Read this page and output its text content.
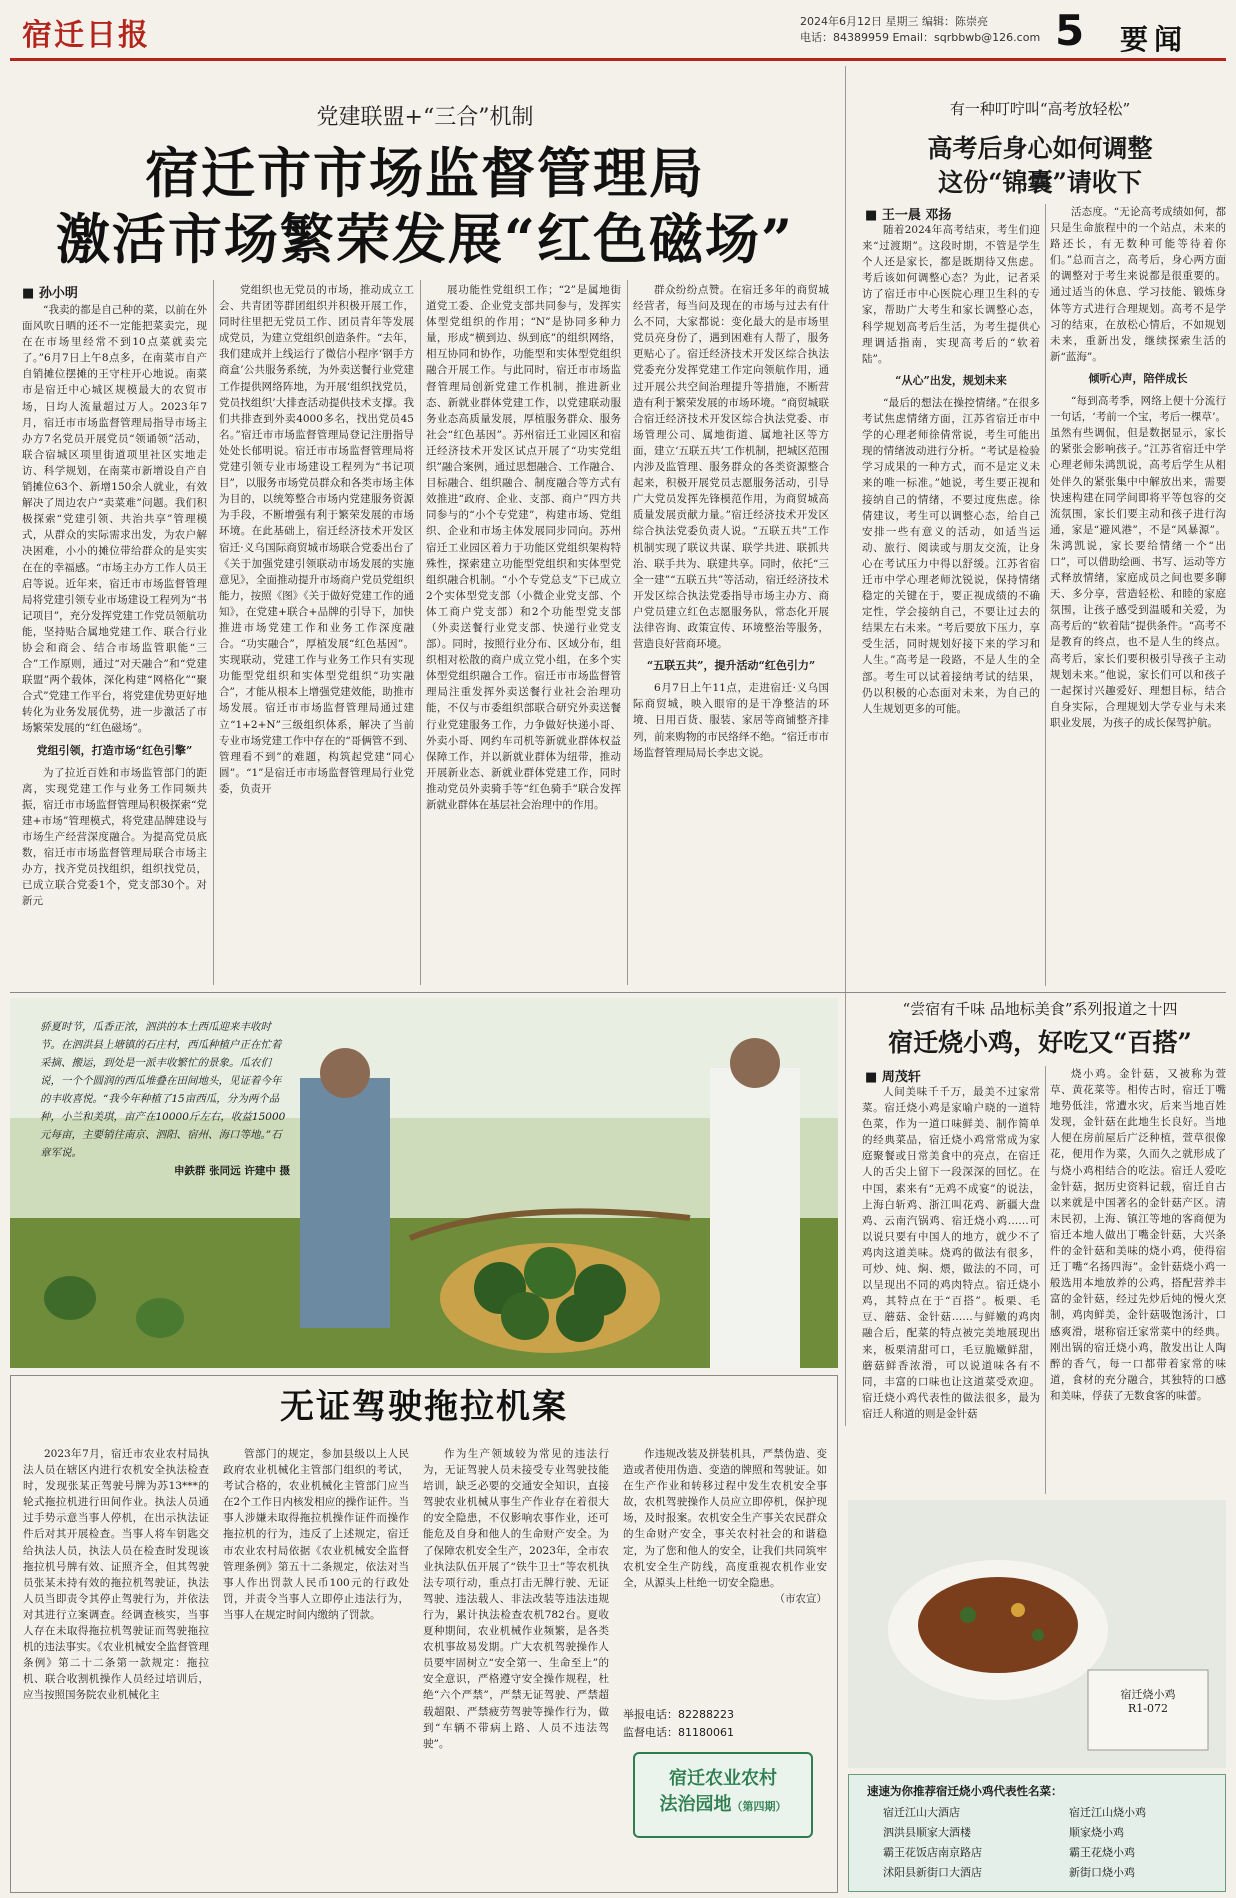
宿迁日报	2024年6月12日 星期三 编辑：陈崇亮
电话：84389959 Email：sqrbbwb@126.com 5 要闻
党建联盟+“三合”机制
宿迁市市场监督管理局
激活市场繁荣发展“红色磁场”
■ 孙小明

“我卖的都是自己种的菜，以前在外面风吹日晒的还不一定能把菜卖完，现在在市场里经常不到10点菜就卖完了。”6月7日上午8点多，在南菜市自产自销摊位摆摊的王守柱开心地说。南菜市是宿迁中心城区规模最大的农贸市场，日均人流量超过万人。2023年7月，宿迁市市场监督管理局指导市场主办方7名党员开展党员“领诵领”活动，联合宿城区项里街道项里社区实地走访、科学规划，在南菜市新增设自产自销摊位63个、新增150余人就业，有效解决了周边农户“卖菜难”问题。我们积极探索“党建引领、共治共享”管理模式，从群众的实际需求出发，为农户解决困难，小小的摊位带给群众的是实实在在的幸福感。“市场主办方工作人员王启等说。近年来，宿迁市市场监督管理局将党建引领专业市场建设工程列为“书记项目”，充分发挥党建工作党员领航功能，坚持贴合属地党建工作、联合行业协会和商会、结合市场监管职能“三合”工作原则，通过“对天融合”和“党建联盟”两个载体，深化构建“网格化”“聚合式”党建工作平台，将党建优势更好地转化为业务发展优势，进一步激活了市场繁荣发展的“红色磁场”。

党组引领，打造市场“红色引擎”

为了拉近百姓和市场监管部门的距离，实现党建工作与业务工作同频共振，宿迁市市场监督管理局积极探索“党建+市场”管理模式，将党建品牌建设与市场生产经营深度融合。为提高党员底数，宿迁市市场监督管理局联合市场主办方，找齐党员找组织，组织找党员，已成立联合党委1个，党支部30个。对新元

党组织也无党员的市场，推动成立工会、共青团等群团组织并积极开展工作，同时往里把无党员工作、团员青年等发展成党员，为建立党组织创造条件。“去年，我们建成并上线运行了微信小程序‘钢手方商盒’公共服务系统，为外卖送餐行业党建工作提供网络阵地，为开展‘组织找党员，党员找组织’大排查活动提供技术支撑。我们共排查到外卖4000多名，找出党员45名。”宿迁市市场监督管理局登记注册指导处处长郁明说。宿迁市市场监督管理局将党建引领专业市场建设工程列为“书记项目”，以服务市场党员群众和各类市场主体为目的，以统筹整合市场内党建服务资源为手段，不断增强有利于繁荣发展的市场环境。在此基础上，宿迁经济技术开发区宿迁·义乌国际商贸城市场联合党委出台了《关于加强党建引领联动市场发展的实施意见》，全面推动提升市场商户党员党组织能力，按照《图》《关于做好党建工作的通知》，在党建+联合+品牌的引导下，加快推进市场党建工作和业务工作深度融合。“功实融合”，厚植发展“红色基因”。实现联动，党建工作与业务工作只有实现功能型党组织和实体型党组织“功实融合”，才能从根本上增强党建效能，助推市场发展。宿迁市市场监督管理局通过建立“1+2+N”三级组织体系，解决了当前专业市场党建工作中存在的“哥俩管不到、管理看不到”的难题，构筑起党建“同心圆”。“1”是宿迁市市场监督管理局行业党委，负责开

展功能性党组织工作；“2”是属地街道党工委、企业党支部共同参与，发挥实体型党组织的作用；“N”是协同多种力量，形成“横到边、纵到底”的组织网络，相互协同和协作，功能型和实体型党组织融合开展工作。与此同时，宿迁市市场监督管理局创新党建工作机制，推进新业态、新就业群体党建工作，以党建联动服务业态高质量发展，厚植服务群众、服务社会“红色基因”。苏州宿迁工业园区和宿迁经济技术开发区试点开展了“功实党组织”融合案例，通过思想融合、工作融合、目标融合、组织融合、制度融合等方式有效推进“政府、企业、支部、商户”四方共同参与的“小个专党建”，构建市场、党组织、企业和市场主体发展同步同向。苏州宿迁工业园区着力于功能区党组织架构特殊性，探索建立功能型党组织和实体型党组织融合机制。“小个专党总支”下已成立2个实体型党支部（小微企业党支部、个体工商户党支部）和2个功能型党支部（外卖送餐行业党支部、快递行业党支部）。同时，按照行业分布、区域分布，组织相对松散的商户成立党小组，在多个实体型党组织融合工作。宿迁市市场监督管理局注重发挥外卖送餐行业社会治理功能，不仅与市委组织部联合研究外卖送餐行业党建服务工作，力争做好快递小哥、外卖小哥、网约车司机等新就业群体权益保障工作，并以新就业群体为纽带，推动开展新业态、新就业群体党建工作，同时推动党员外卖骑手等“红色骑手”联合发挥新就业群体在基层社会治理中的作用。

群众纷纷点赞。在宿迁多年的商贸城经营者，每当问及现在的市场与过去有什么不同，大家都说：变化最大的是市场里党员亮身份了，遇到困难有人帮了，服务更贴心了。宿迁经济技术开发区综合执法党委充分发挥党建工作定向领航作用，通过开展公共空间治理提升等措施，不断营造有利于繁荣发展的市场环境。“商贸城联合宿迁经济技术开发区综合执法党委、市场管理公司、属地街道、属地社区等方面，建立‘五联五共’工作机制，把城区范围内涉及监管理、服务群众的各类资源整合起来，积极开展党员志愿服务活动，引导广大党员发挥先锋模范作用，为商贸城高质量发展贡献力量。”宿迁经济技术开发区综合执法党委负责人说。“五联五共”工作机制实现了联议共谋、联学共进、联抓共治、联手共为、联建共享。同时，依托“三全一建”“五联五共”等活动，宿迁经济技术开发区综合执法党委指导市场主办方、商户党员建立红色志愿服务队，常态化开展法律咨询、政策宣传、环境整治等服务，营造良好营商环境。

“五联五共”，提升活动“红色引力”

6月7日上午11点，走进宿迁·义乌国际商贸城，映入眼帘的是干净整洁的环境、日用百货、服装、家居等商铺整齐排列，前来购物的市民络绎不绝。“宿迁市市场监督管理局局长李忠文说。

有一种叮咛叫“高考放轻松”
高考后身心如何调整
这份“锦囊”请收下
■ 王一晨 邓扬

随着2024年高考结束，考生们迎来“过渡期”。这段时期，不管是学生个人还是家长，都是既期待又焦虑。考后该如何调整心态？为此，记者采访了宿迁市中心医院心理卫生科的专家，帮助广大考生和家长调整心态，科学规划高考后生活，为考生提供心理调适指南，实现高考后的“软着陆”。

“从心”出发，规划未来

“最后的想法在操控情绪。”在很多考试焦虑情绪方面，江苏省宿迁市中学的心理老师徐倩常说，考生可能出现的情绪波动进行分析。“考试是检验学习成果的一种方式，而不是定义未来的唯一标准。”她说，考生要正视和接纳自己的情绪，不要过度焦虑。徐倩建议，考生可以调整心态，给自己安排一些有意义的活动，如适当运动、旅行、阅读或与朋友交流，让身心在考试压力中得以舒缓。江苏省宿迁市中学心理老师沈锐说，保持情绪稳定的关键在于，要正视成绩的不确定性，学会接纳自己，不要让过去的结果左右未来。“考后要放下压力，享受生活，同时规划好接下来的学习和人生。”高考是一段路，不是人生的全部。考生可以试着接纳考试的结果，仍以积极的心态面对未来，为自己的人生规划更多的可能。

活态度。“无论高考成绩如何，都只是生命旅程中的一个站点，未来的路还长，有无数种可能等待着你们。”总而言之，高考后，身心两方面的调整对于考生来说都是很重要的。通过适当的休息、学习技能、锻炼身体等方式进行合理规划。高考不是学习的结束，在放松心情后，不如规划未来，重新出发，继续探索生活的新“蓝海”。

倾听心声，陪伴成长

“每到高考季，网络上便十分流行一句话，‘考前一个宝，考后一棵草’。虽然有些调侃，但是数据显示，家长的紧张会影响孩子。”江苏省宿迁中学心理老师朱鸿凯说，高考后学生从相处伴久的紧张集中中解放出来，需要快速构建在同学间即将平等包容的交流氛围，家长们要主动和孩子进行沟通，家是“避风港”，不是“风暴源”。朱鸿凯说，家长要给情绪一个“出口”，可以借助绘画、书写、运动等方式释放情绪，家庭成员之间也要多聊天、多分享，营造轻松、和睦的家庭氛围，让孩子感受到温暖和关爱，为高考后的“软着陆”提供条件。“高考不是教育的终点，也不是人生的终点。高考后，家长们要积极引导孩子主动规划未来。”他说，家长们可以和孩子一起探讨兴趣爱好、理想目标，结合自身实际，合理规划大学专业与未来职业发展，为孩子的成长保驾护航。

骄夏时节，瓜香正浓，泗洪的本土西瓜迎来丰收时节。在泗洪县上塘镇的石庄村，西瓜种植户正在忙着采摘、搬运，到处是一派丰收繁忙的景象。瓜农们说，一个个圆润的西瓜堆叠在田间地头，见证着今年的丰收喜悦。“我今年种植了15亩西瓜，分为两个品种，小兰和美琪，亩产在10000斤左右，收益15000元每亩，主要销往南京、泗阳、宿州、海口等地。”石章军说。

申鉄群 张同远 许建中 摄

“尝宿有千味 品地标美食”系列报道之十四
宿迁烧小鸡，好吃又“百搭”
■ 周茂轩

人间美味千千万，最美不过家常菜。宿迁烧小鸡是家喻户晓的一道特色菜，作为一道口味鲜美、制作简单的经典菜品，宿迁烧小鸡常常成为家庭聚餐或日常美食中的亮点，在宿迁人的舌尖上留下一段深深的回忆。在中国，素来有“无鸡不成宴”的说法，上海白斩鸡、浙江叫花鸡、新疆大盘鸡、云南汽锅鸡、宿迁烧小鸡……可以说只要有中国人的地方，就少不了鸡肉这道美味。烧鸡的做法有很多，可炒、炖、焖、煨，做法的不同，可以呈现出不同的鸡肉特点。宿迁烧小鸡，其特点在于“百搭”。板栗、毛豆、蘑菇、金针菇……与鲜嫩的鸡肉融合后，配菜的特点被完美地展现出来，板栗清甜可口，毛豆脆嫩鲜甜，蘑菇鲜香浓滑，可以说道味各有不同，丰富的口味也让这道菜受欢迎。宿迁烧小鸡代表性的做法很多，最为宿迁人称道的则是金针菇

烧小鸡。金针菇，又被称为萱草、黄花菜等。相传古时，宿迁丁嘴地势低洼，常遭水灾，后来当地百姓发现，金针菇在此地生长良好。当地人便在房前屋后广泛种植，萱草很像花，便用作为菜，久而久之就形成了与烧小鸡相结合的吃法。宿迁人爱吃金针菇，据历史资料记载，宿迁自古以来就是中国著名的金针菇产区。清末民初，上海、镇江等地的客商便为宿迁本地人做出丁嘴金针菇，大兴条件的金针菇和美味的烧小鸡，使得宿迁丁嘴“名扬四海”。金针菇烧小鸡一般选用本地放养的公鸡，搭配营养丰富的金针菇，经过先炒后炖的慢火烹制，鸡肉鲜美，金针菇吸饱汤汁，口感爽滑，堪称宿迁家常菜中的经典。刚出锅的宿迁烧小鸡，散发出让人陶醉的香气，每一口都带着家常的味道，食材的充分融合，其独特的口感和美味，俘获了无数食客的味蕾。

无证驾驶拖拉机案

2023年7月，宿迁市农业农村局执法人员在辖区内进行农机安全执法检查时，发现张某正驾驶号牌为苏13***的轮式拖拉机进行田间作业。执法人员通过手势示意当事人停机，在出示执法证件后对其开展检查。当事人将车钥匙交给执法人员，执法人员在检查时发现该拖拉机号牌有效、证照齐全，但其驾驶员张某未持有效的拖拉机驾驶证，执法人员当即责令其停止驾驶行为，并依法对其进行立案调查。经调查核实，当事人存在未取得拖拉机驾驶证而驾驶拖拉机的违法事实。《农业机械安全监督管理条例》第二十二条第一款规定：拖拉机、联合收割机操作人员经过培训后，应当按照国务院农业机械化主

管部门的规定，参加县级以上人民政府农业机械化主管部门组织的考试，考试合格的，农业机械化主管部门应当在2个工作日内核发相应的操作证件。当事人涉嫌未取得拖拉机操作证件而操作拖拉机的行为，违反了上述规定，宿迁市农业农村局依据《农业机械安全监督管理条例》第五十二条规定，依法对当事人作出罚款人民币100元的行政处罚，并责令当事人立即停止违法行为，当事人在规定时间内缴纳了罚款。

作为生产领域较为常见的违法行为，无证驾驶人员未接受专业驾驶技能培训，缺乏必要的交通安全知识，直接驾驶农业机械从事生产作业存在着很大的安全隐患，不仅影响农事作业，还可能危及自身和他人的生命财产安全。为了保障农机安全生产，2023年，全市农业执法队伍开展了“铁牛卫士”等农机执法专项行动，重点打击无牌行驶、无证驾驶、违法载人、非法改装等违法违规行为，累计执法检查农机782台。夏收夏种期间，农业机械作业频繁，是各类农机事故易发期。广大农机驾驶操作人员要牢固树立“安全第一、生命至上”的安全意识，严格遵守安全操作规程，杜绝“六个严禁”，严禁无证驾驶、严禁超载超限、严禁疲劳驾驶等操作行为，做到“车辆不带病上路、人员不违法驾驶”。

作违规改装及拼装机具，严禁伪造、变造或者使用伪造、变造的牌照和驾驶证。如在生产作业和转移过程中发生农机安全事故，农机驾驶操作人员应立即停机，保护现场，及时报案。农机安全生产事关农民群众的生命财产安全，事关农村社会的和谐稳定，为了您和他人的安全，让我们共同筑牢农机安全生产防线，高度重视农机作业安全，从源头上杜绝一切安全隐患。

（市农宣）

举报电话：82288223
监督电话：81180061
宿迁农业农村
法治园地（第四期）
宿迁烧小鸡
R1-072
速速为你推荐宿迁烧小鸡代表性名菜：
宿迁江山大酒店
泗洪县顺家大酒楼
霸王花饭店南京路店
沭阳县新街口大酒店
宿迁江山烧小鸡
顺家烧小鸡
霸王花烧小鸡
新街口烧小鸡
